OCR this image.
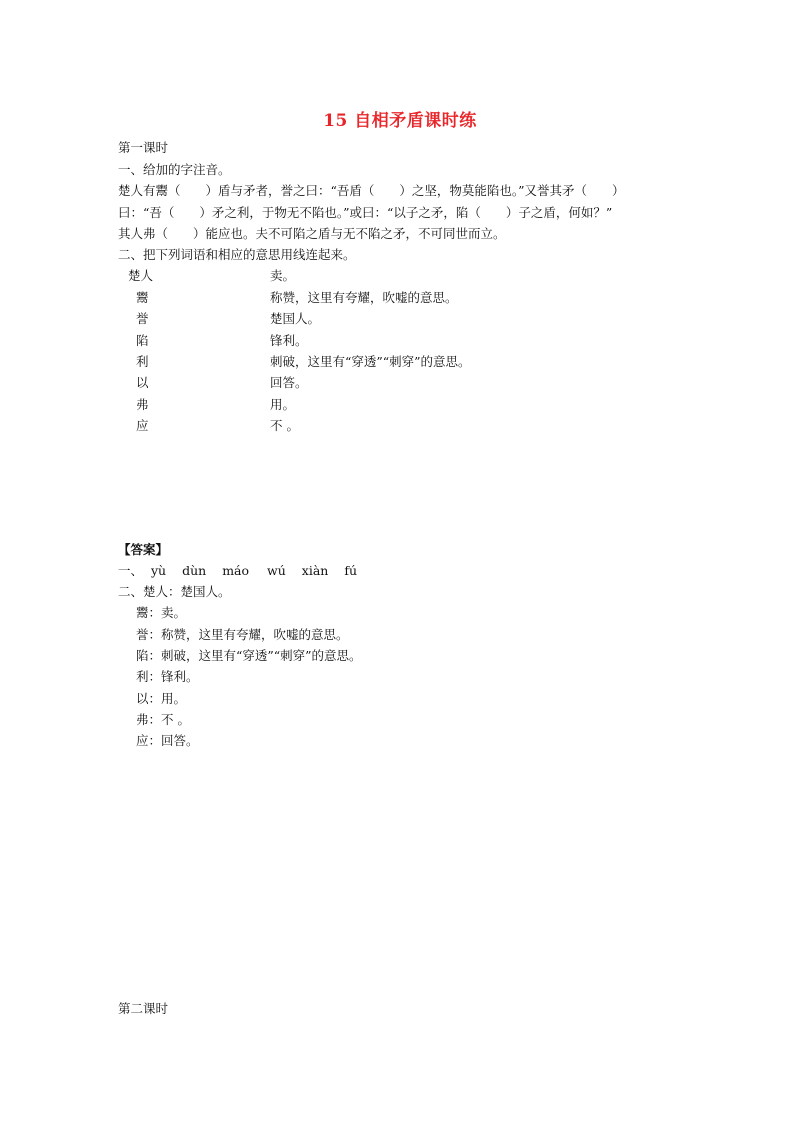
15 自相矛盾课时练
第一课时
一、给加的字注音。
楚人有鬻（　　）盾与矛者，誉之曰：“吾盾（　　）之坚，物莫能陷也。”又誉其矛（　　）
曰：“吾（　　）矛之利，于物无不陷也。”或曰：“以子之矛，陷（　　）子之盾，何如？”
其人弗（　　）能应也。夫不可陷之盾与无不陷之矛，不可同世而立。
二、把下列词语和相应的意思用线连起来。
楚人	卖。
鬻	称赞，这里有夸耀，吹嘘的意思。
誉	楚国人。
陷	锋利。
利	刺破，这里有“穿透”“刺穿”的意思。
以	回答。
弗	用。
应	不 。
【答案】
一、 yù dùn máo wú xiàn fú
二、 楚人：楚国人。
鬻：卖。
誉：称赞，这里有夸耀，吹嘘的意思。
陷：刺破，这里有“穿透”“刺穿”的意思。
利：锋利。
以：用。
弗：不 。
应：回答。
第二课时
